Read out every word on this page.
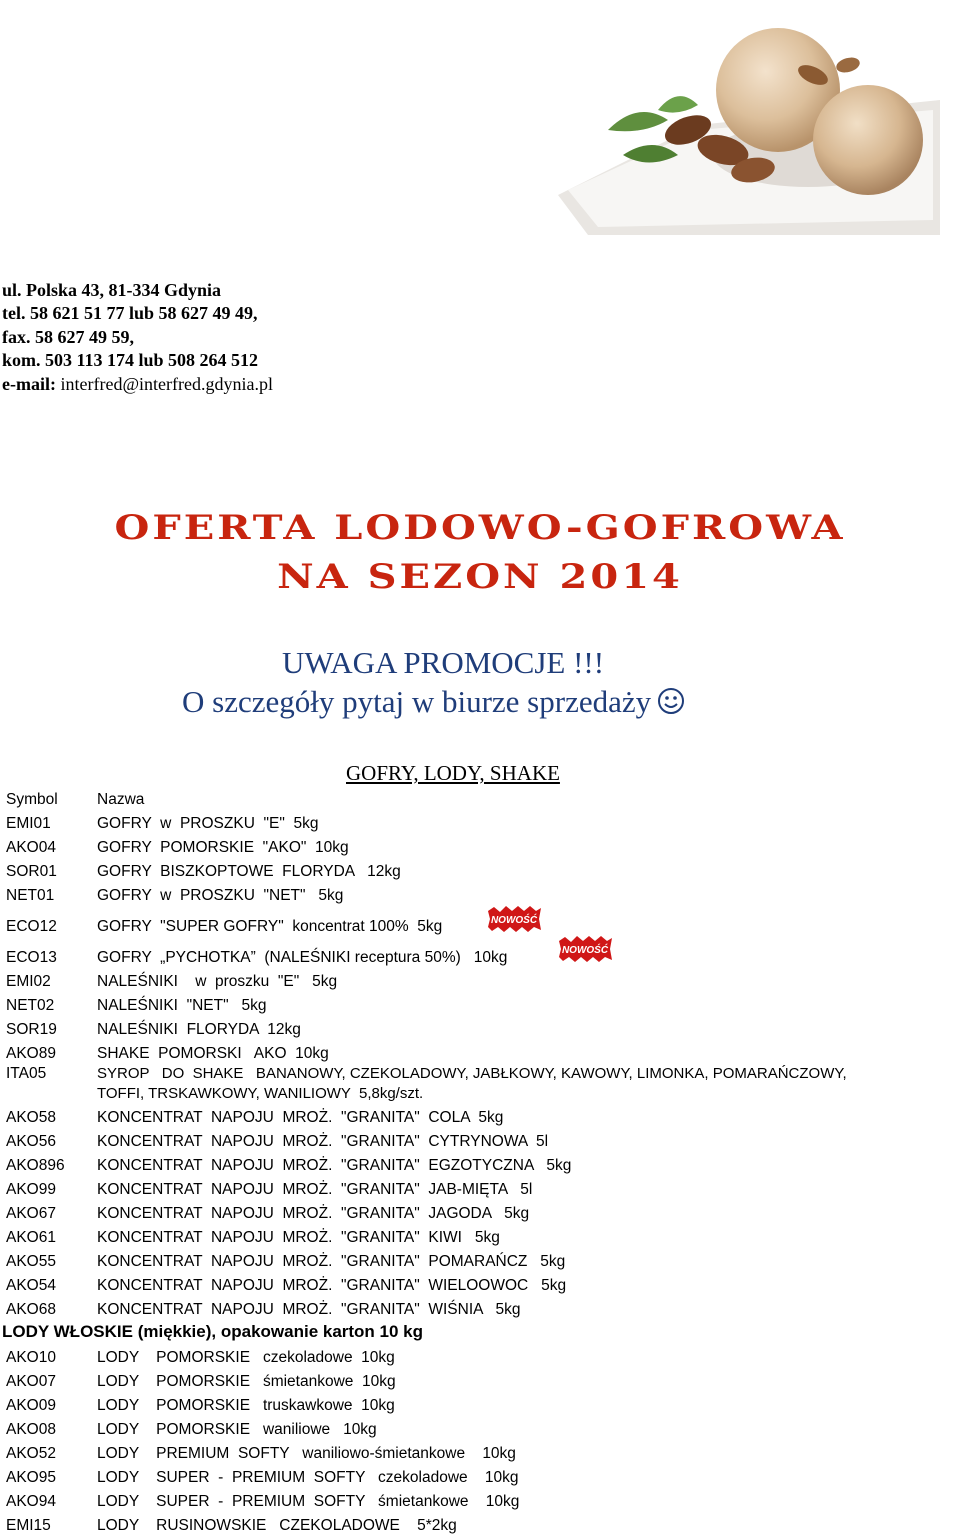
ul. Polska 43, 81-334 Gdynia
tel. 58 621 51 77 lub 58 627 49 49,
fax. 58 627 49 59,
kom. 503 113 174 lub 508 264 512
e-mail: interfred@interfred.gdynia.pl
OFERTA LODOWO-GOFROWA
NA SEZON 2014
UWAGA PROMOCJE !!!
O szczegóły pytaj w biurze sprzedaży
GOFRY, LODY, SHAKE
Symbol	Nazwa
EMI01	GOFRY  w  PROSZKU  "E"  5kg
AKO04	GOFRY  POMORSKIE  "AKO"  10kg
SOR01	GOFRY  BISZKOPTOWE  FLORYDA   12kg
NET01	GOFRY  w  PROSZKU  "NET"   5kg
ECO12	GOFRY  "SUPER GOFRY"  koncentrat 100%  5kg
ECO13	GOFRY  „PYCHOTKA”  (NALEŚNIKI receptura 50%)   10kg
EMI02	NALEŚNIKI    w  proszku  "E"   5kg
NET02	NALEŚNIKI  "NET"   5kg
SOR19	NALEŚNIKI  FLORYDA  12kg
AKO89	SHAKE  POMORSKI   AKO  10kg
ITA05	SYROP   DO  SHAKE   BANANOWY, CZEKOLADOWY, JABŁKOWY, KAWOWY, LIMONKA, POMARAŃCZOWY,
TOFFI, TRSKAWKOWY, WANILIOWY  5,8kg/szt.
AKO58	KONCENTRAT  NAPOJU  MROŻ.  "GRANITA"  COLA  5kg
AKO56	KONCENTRAT  NAPOJU  MROŻ.  "GRANITA"  CYTRYNOWA  5l
AKO896 KONCENTRAT  NAPOJU  MROŻ.  "GRANITA"  EGZOTYCZNA   5kg
AKO99	KONCENTRAT  NAPOJU  MROŻ.  "GRANITA"  JAB-MIĘTA   5l
AKO67	KONCENTRAT  NAPOJU  MROŻ.  "GRANITA"  JAGODA   5kg
AKO61	KONCENTRAT  NAPOJU  MROŻ.  "GRANITA"  KIWI   5kg
AKO55	KONCENTRAT  NAPOJU  MROŻ.  "GRANITA"  POMARAŃCZ   5kg
AKO54	KONCENTRAT  NAPOJU  MROŻ.  "GRANITA"  WIELOOWOC   5kg
AKO68	KONCENTRAT  NAPOJU  MROŻ.  "GRANITA"  WIŚNIA   5kg
NOWOŚĆ
NOWOŚĆ
LODY WŁOSKIE (miękkie), opakowanie karton 10 kg
AKO10	LODY    POMORSKIE   czekoladowe  10kg
AKO07	LODY    POMORSKIE   śmietankowe  10kg
AKO09	LODY    POMORSKIE   truskawkowe  10kg
AKO08	LODY    POMORSKIE   waniliowe   10kg
AKO52	LODY    PREMIUM  SOFTY   waniliowo-śmietankowe    10kg
AKO95	LODY    SUPER  -  PREMIUM  SOFTY   czekoladowe    10kg
AKO94	LODY    SUPER  -  PREMIUM  SOFTY   śmietankowe    10kg
EMI15	LODY    RUSINOWSKIE   CZEKOLADOWE    5*2kg
